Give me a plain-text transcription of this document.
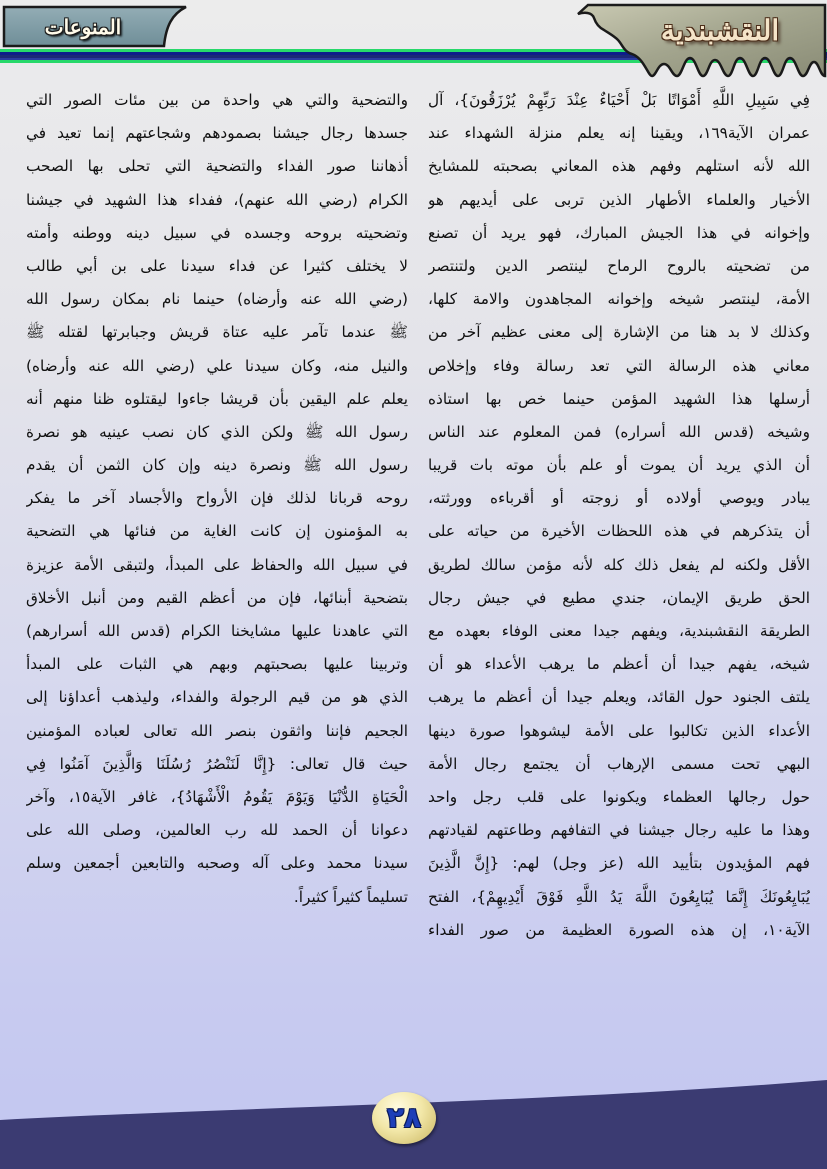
المنوعات	النقشبندية
فِي سَبِيلِ اللَّهِ أَمْوَاتًا بَلْ أَحْيَاءٌ عِنْدَ رَبِّهِمْ يُرْزَقُونَ}، آل
عمران الآية١٦٩، ويقينا إنه يعلم منزلة الشهداء عند
الله لأنه استلهم وفهم هذه المعاني بصحبته للمشايخ
الأخيار والعلماء الأطهار الذين تربى على أيديهم هو
وإخوانه في هذا الجيش المبارك، فهو يريد أن تصنع
من تضحيته بالروح الرماح لينتصر الدين ولتنتصر
الأمة، لينتصر شيخه وإخوانه المجاهدون والامة كلها،
وكذلك لا بد هنا من الإشارة إلى معنى عظيم آخر من
معاني هذه الرسالة التي تعد رسالة وفاء وإخلاص
أرسلها هذا الشهيد المؤمن حينما خص بها استاذه
وشيخه (قدس الله أسراره) فمن المعلوم عند الناس
أن الذي يريد أن يموت أو علم بأن موته بات قريبا
يبادر ويوصي أولاده أو زوجته أو أقرباءه وورثته،
أن يتذكرهم في هذه اللحظات الأخيرة من حياته على
الأقل ولكنه لم يفعل ذلك كله لأنه مؤمن سالك لطريق
الحق طريق الإيمان، جندي مطيع في جيش رجال
الطريقة النقشبندية، ويفهم جيدا معنى الوفاء بعهده مع
شيخه، يفهم جيدا أن أعظم ما يرهب الأعداء هو أن
يلتف الجنود حول القائد، ويعلم جيدا أن أعظم ما يرهب
الأعداء الذين تكالبوا على الأمة ليشوهوا صورة دينها
البهي تحت مسمى الإرهاب أن يجتمع رجال الأمة
حول رجالها العظماء ويكونوا على قلب رجل واحد
وهذا ما عليه رجال جيشنا في التفافهم وطاعتهم لقيادتهم
فهم المؤيدون بتأييد الله (عز وجل) لهم: {إِنَّ الَّذِينَ
يُبَايِعُونَكَ إِنَّمَا يُبَايِعُونَ اللَّهَ يَدُ اللَّهِ فَوْقَ أَيْدِيهِمْ}، الفتح
الآية١٠، إن هذه الصورة العظيمة من صور الفداء
والتضحية والتي هي واحدة من بين مئات الصور التي
جسدها رجال جيشنا بصمودهم وشجاعتهم إنما تعيد في
أذهاننا صور الفداء والتضحية التي تحلى بها الصحب
الكرام (رضي الله عنهم)، ففداء هذا الشهيد في جيشنا
وتضحيته بروحه وجسده في سبيل دينه ووطنه وأمته
لا يختلف كثيرا عن فداء سيدنا على بن أبي طالب
(رضي الله عنه وأرضاه) حينما نام بمكان رسول الله
ﷺ عندما تآمر عليه عتاة قريش وجبابرتها لقتله ﷺ
والنيل منه، وكان سيدنا علي (رضي الله عنه وأرضاه)
يعلم علم اليقين بأن قريشا جاءوا ليقتلوه ظنا منهم أنه
رسول الله ﷺ ولكن الذي كان نصب عينيه هو نصرة
رسول الله ﷺ ونصرة دينه وإن كان الثمن أن يقدم
روحه قربانا لذلك فإن الأرواح والأجساد آخر ما يفكر
به المؤمنون إن كانت الغاية من فنائها هي التضحية
في سبيل الله والحفاظ على المبدأ، ولتبقى الأمة عزيزة
بتضحية أبنائها، فإن من أعظم القيم ومن أنبل الأخلاق
التي عاهدنا عليها مشايخنا الكرام (قدس الله أسرارهم)
وتربينا عليها بصحبتهم وبهم هي الثبات على المبدأ
الذي هو من قيم الرجولة والفداء، وليذهب أعداؤنا إلى
الجحيم فإننا واثقون بنصر الله تعالى لعباده المؤمنين
حيث قال تعالى: {إِنَّا لَنَنْصُرُ رُسُلَنَا وَالَّذِينَ آمَنُوا فِي
الْحَيَاةِ الدُّنْيَا وَيَوْمَ يَقُومُ الْأَشْهَادُ}، غافر الآية١٥، وآخر
دعوانا أن الحمد لله رب العالمين، وصلى الله على
سيدنا محمد وعلى آله وصحبه والتابعين أجمعين وسلم
تسليماً كثيراً كثيراً.
٢٨
